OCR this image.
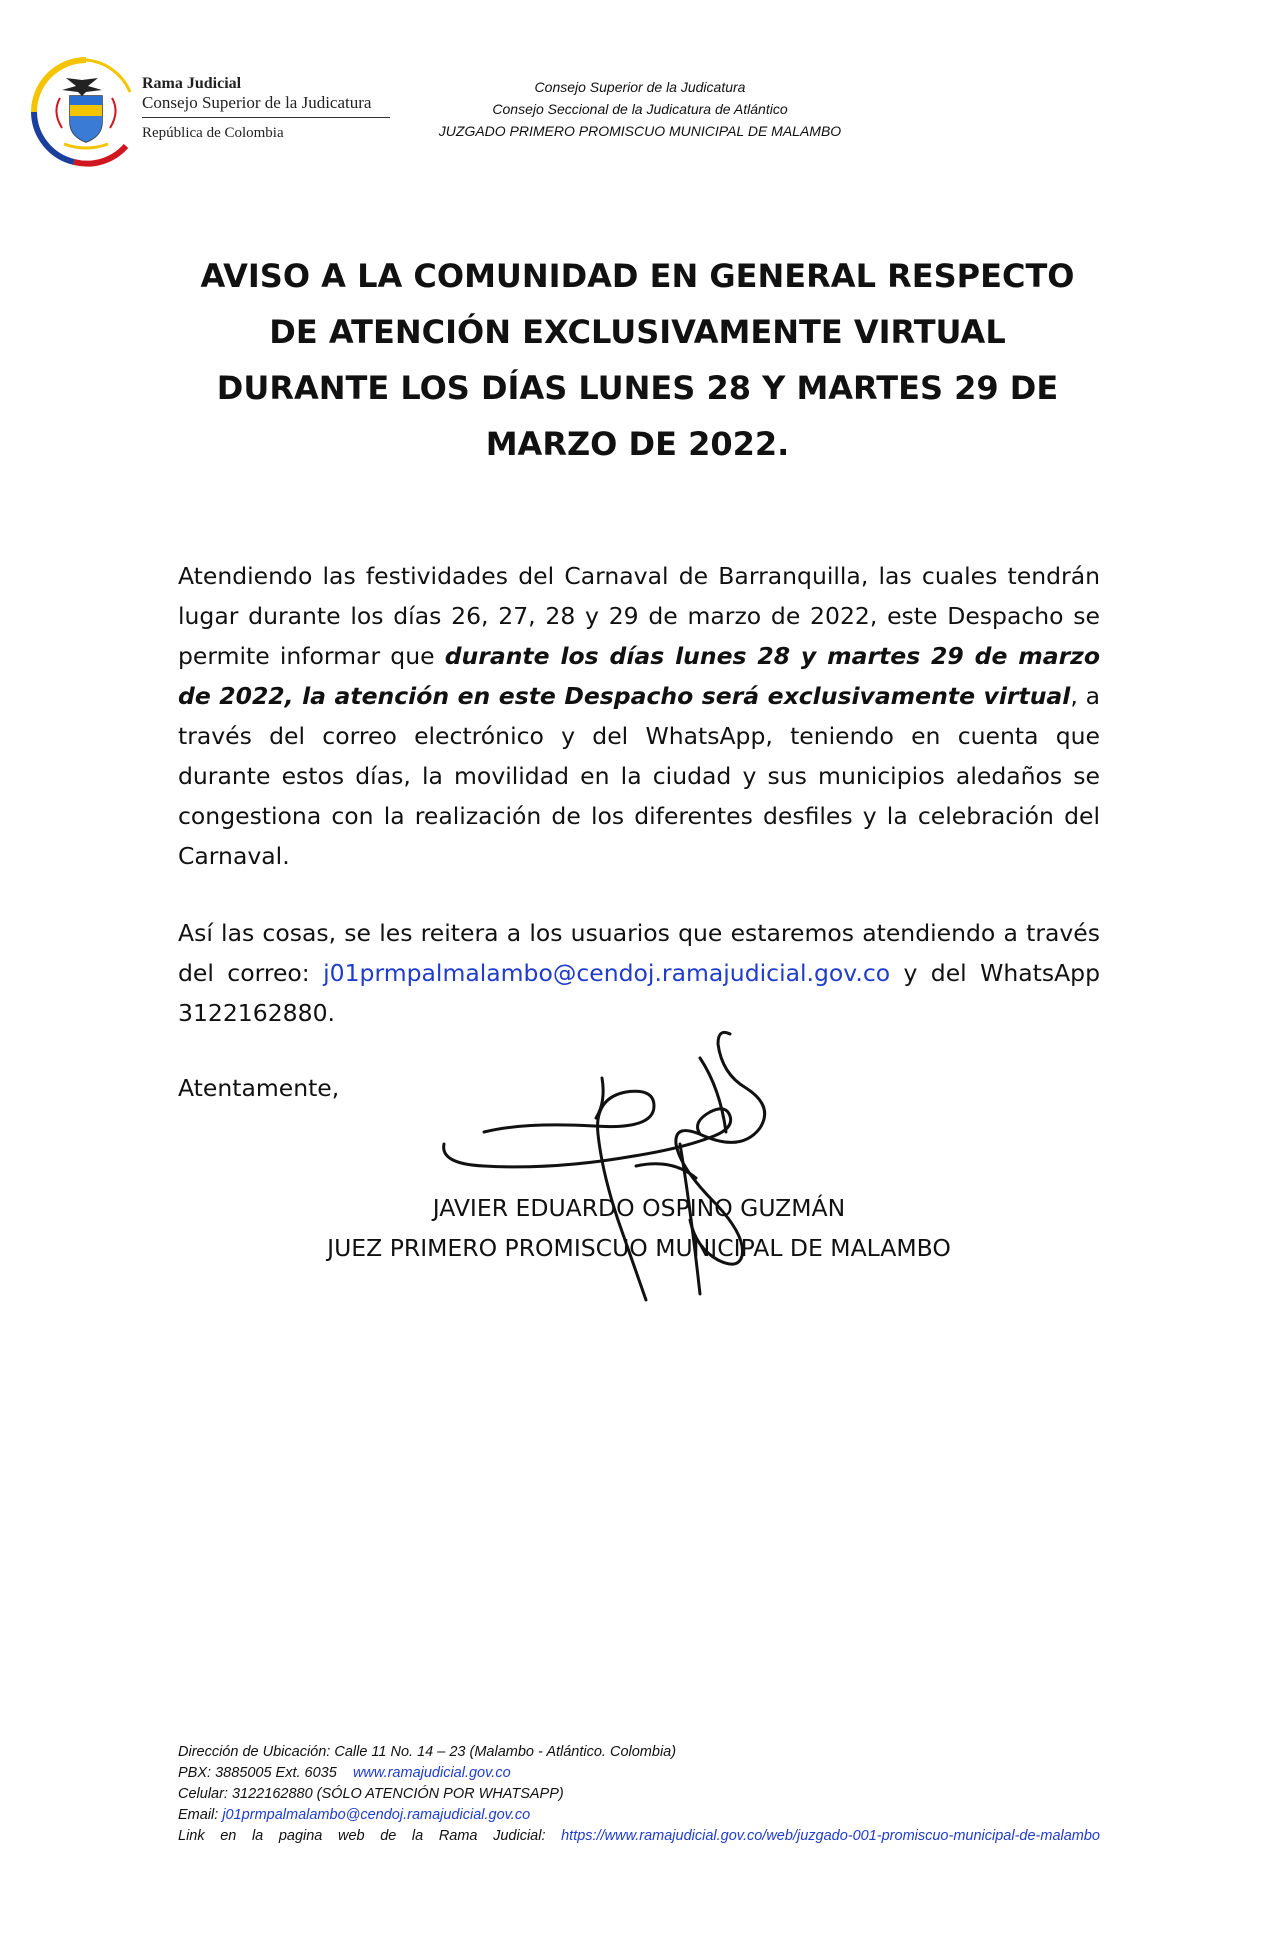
Rama Judicial
Consejo Superior de la Judicatura
República de Colombia
Consejo Superior de la Judicatura
Consejo Seccional de la Judicatura de Atlántico
JUZGADO PRIMERO PROMISCUO MUNICIPAL DE MALAMBO
AVISO A LA COMUNIDAD EN GENERAL RESPECTO
DE ATENCIÓN EXCLUSIVAMENTE VIRTUAL
DURANTE LOS DÍAS LUNES 28 Y MARTES 29 DE
MARZO DE 2022.
Atendiendo las festividades del Carnaval de Barranquilla, las cuales tendrán lugar durante los días 26, 27, 28 y 29 de marzo de 2022, este Despacho se permite informar que durante los días lunes 28 y martes 29 de marzo de 2022, la atención en este Despacho será exclusivamente virtual, a través del correo electrónico y del WhatsApp, teniendo en cuenta que durante estos días, la movilidad en la ciudad y sus municipios aledaños se congestiona con la realización de los diferentes desfiles y la celebración del Carnaval.
Así las cosas, se les reitera a los usuarios que estaremos atendiendo a través del correo: j01prmpalmalambo@cendoj.ramajudicial.gov.co y del WhatsApp 3122162880.
Atentamente,
JAVIER EDUARDO OSPINO GUZMÁN
JUEZ PRIMERO PROMISCUO MUNICIPAL DE MALAMBO
Dirección de Ubicación: Calle 11 No. 14 – 23 (Malambo - Atlántico. Colombia)
PBX: 3885005 Ext. 6035 www.ramajudicial.gov.co
Celular: 3122162880 (SÓLO ATENCIÓN POR WHATSAPP)
Email: j01prmpalmalambo@cendoj.ramajudicial.gov.co
Link en la pagina web de la Rama Judicial: https://www.ramajudicial.gov.co/web/juzgado-001-promiscuo-municipal-de-malambo
